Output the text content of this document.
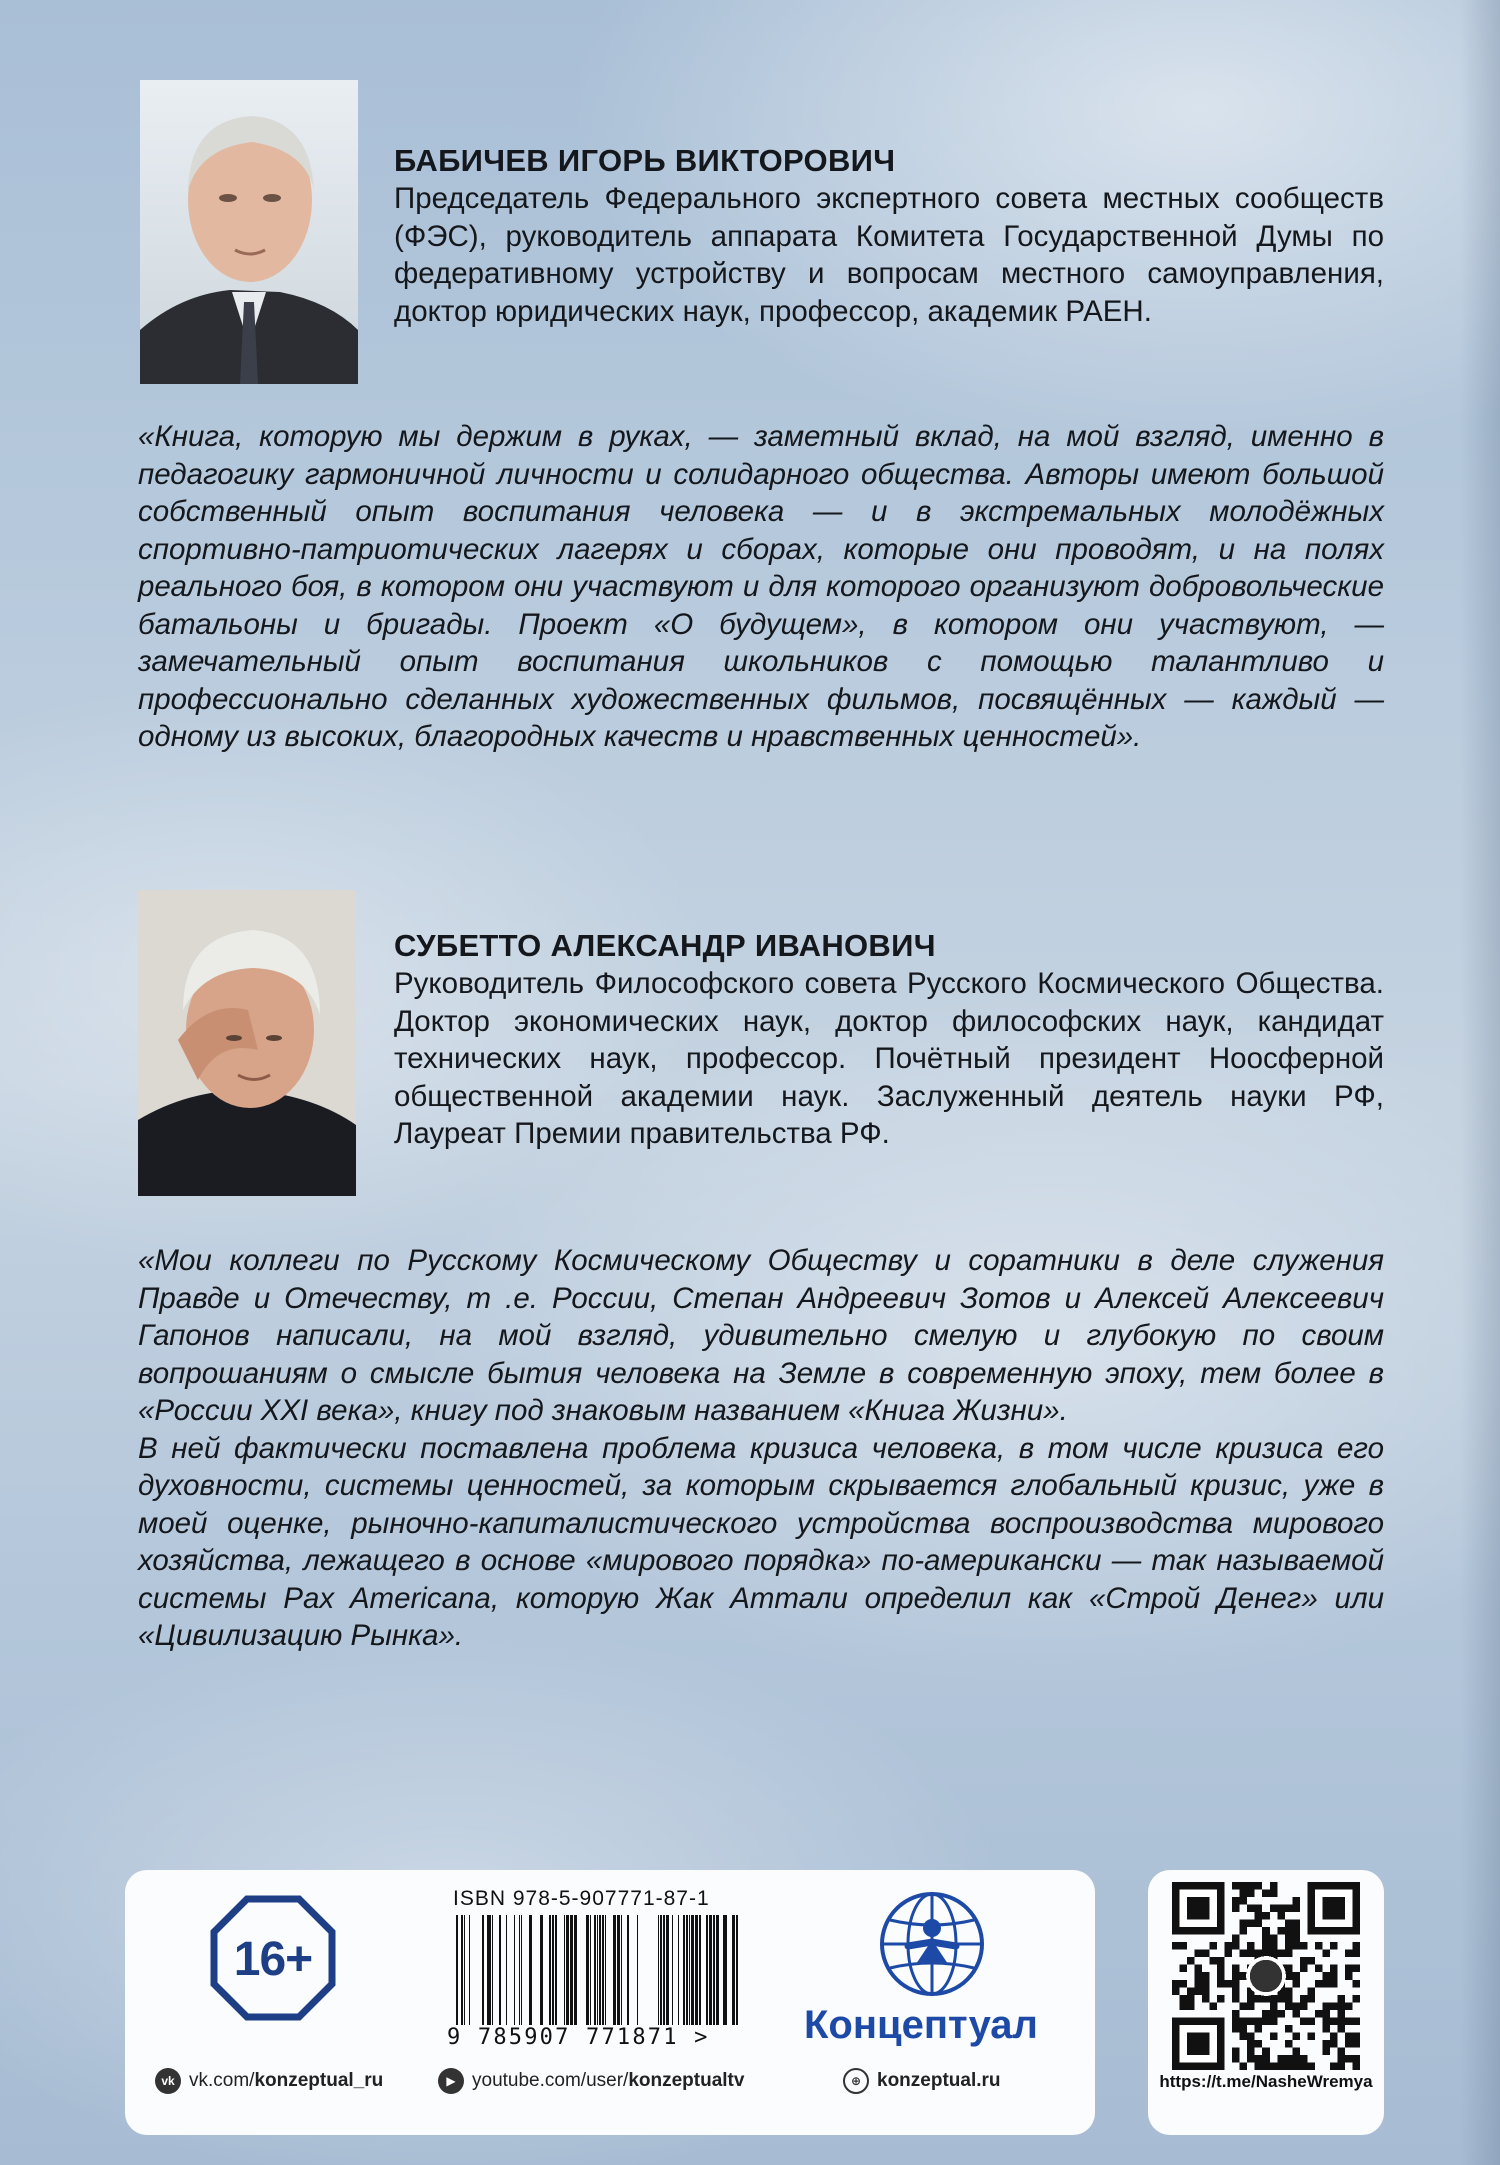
БАБИЧЕВ ИГОРЬ ВИКТОРОВИЧ
Председатель Федерального экспертного совета местных сообществ (ФЭС), руководитель аппарата Комитета Государственной Думы по федеративному устройству и вопросам местного самоуправления, доктор юридических наук, профессор, академик РАЕН.
«Книга, которую мы держим в руках, — заметный вклад, на мой взгляд, именно в педагогику гармоничной личности и солидарного общества. Авторы имеют большой собственный опыт воспитания человека — и в экстремальных молодёжных спортивно-патриотических лагерях и сборах, которые они проводят, и на полях реального боя, в котором они участвуют и для которого организуют добровольческие батальоны и бригады. Проект «О будущем», в котором они участвуют, — замечательный опыт воспитания школьников с помощью талантливо и профессионально сделанных художественных фильмов, посвящённых — каждый — одному из высоких, благородных качеств и нравственных ценностей».
СУБЕТТО АЛЕКСАНДР ИВАНОВИЧ
Руководитель Философского совета Русского Космического Общества. Доктор экономических наук, доктор философских наук, кандидат технических наук, профессор. Почётный президент Ноосферной общественной академии наук. Заслуженный деятель науки РФ, Лауреат Премии правительства РФ.
«Мои коллеги по Русскому Космическому Обществу и соратники в деле служения Правде и Отечеству, т .е. России, Степан Андреевич Зотов и Алексей Алексеевич Гапонов написали, на мой взгляд, удивительно смелую и глубокую по своим вопрошаниям о смысле бытия человека на Земле в современную эпоху, тем более в «России XXI века», книгу под знаковым названием «Книга Жизни».
В ней фактически поставлена проблема кризиса человека, в том числе кризиса его духовности, системы ценностей, за которым скрывается глобальный кризис, уже в моей оценке, рыночно-капиталистического устройства воспроизводства мирового хозяйства, лежащего в основе «мирового порядка» по-американски — так называемой системы Pax Americana, которую Жак Аттали определил как «Строй Денег» или «Цивилизацию Рынка».
16+
ISBN 978-5-907771-87-1
9 785907 771871 > Концептуал
vk vk.com/ konzeptual_ru	▶ youtube.com/user/ konzeptualtv	⊕ konzeptual.ru	https://t.me/NasheWremya
